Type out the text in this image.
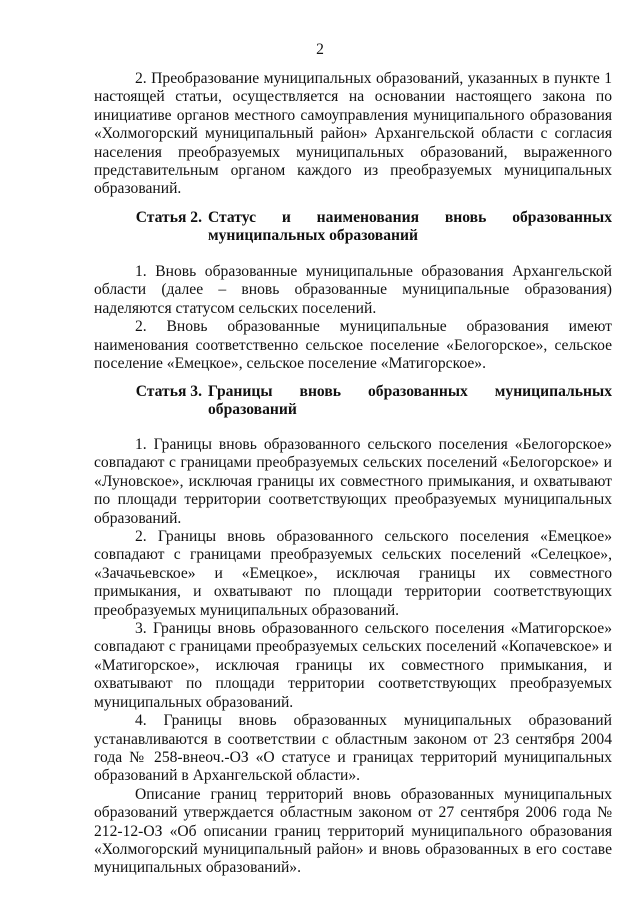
2
2. Преобразование муниципальных образований, указанных в пункте 1 настоящей статьи, осуществляется на основании настоящего закона по инициативе органов местного самоуправления муниципального образования «Холмогорский муниципальный район» Архангельской области с согласия населения преобразуемых муниципальных образований, выраженного представительным органом каждого из преобразуемых муниципальных образований.
Статья 2. Статус и наименования вновь образованных муниципальных образований
1. Вновь образованные муниципальные образования Архангельской области (далее – вновь образованные муниципальные образования) наделяются статусом сельских поселений.
2. Вновь образованные муниципальные образования имеют наименования соответственно сельское поселение «Белогорское», сельское поселение «Емецкое», сельское поселение «Матигорское».
Статья 3. Границы вновь образованных муниципальных образований
1. Границы вновь образованного сельского поселения «Белогорское» совпадают с границами преобразуемых сельских поселений «Белогорское» и «Луновское», исключая границы их совместного примыкания, и охватывают по площади территории соответствующих преобразуемых муниципальных образований.
2. Границы вновь образованного сельского поселения «Емецкое» совпадают с границами преобразуемых сельских поселений «Селецкое», «Зачачьевское» и «Емецкое», исключая границы их совместного примыкания, и охватывают по площади территории соответствующих преобразуемых муниципальных образований.
3. Границы вновь образованного сельского поселения «Матигорское» совпадают с границами преобразуемых сельских поселений «Копачевское» и «Матигорское», исключая границы их совместного примыкания, и охватывают по площади территории соответствующих преобразуемых муниципальных образований.
4. Границы вновь образованных муниципальных образований устанавливаются в соответствии с областным законом от 23 сентября 2004 года № 258-внеоч.-ОЗ «О статусе и границах территорий муниципальных образований в Архангельской области».
Описание границ территорий вновь образованных муниципальных образований утверждается областным законом от 27 сентября 2006 года № 212-12-ОЗ «Об описании границ территорий муниципального образования «Холмогорский муниципальный район» и вновь образованных в его составе муниципальных образований».
